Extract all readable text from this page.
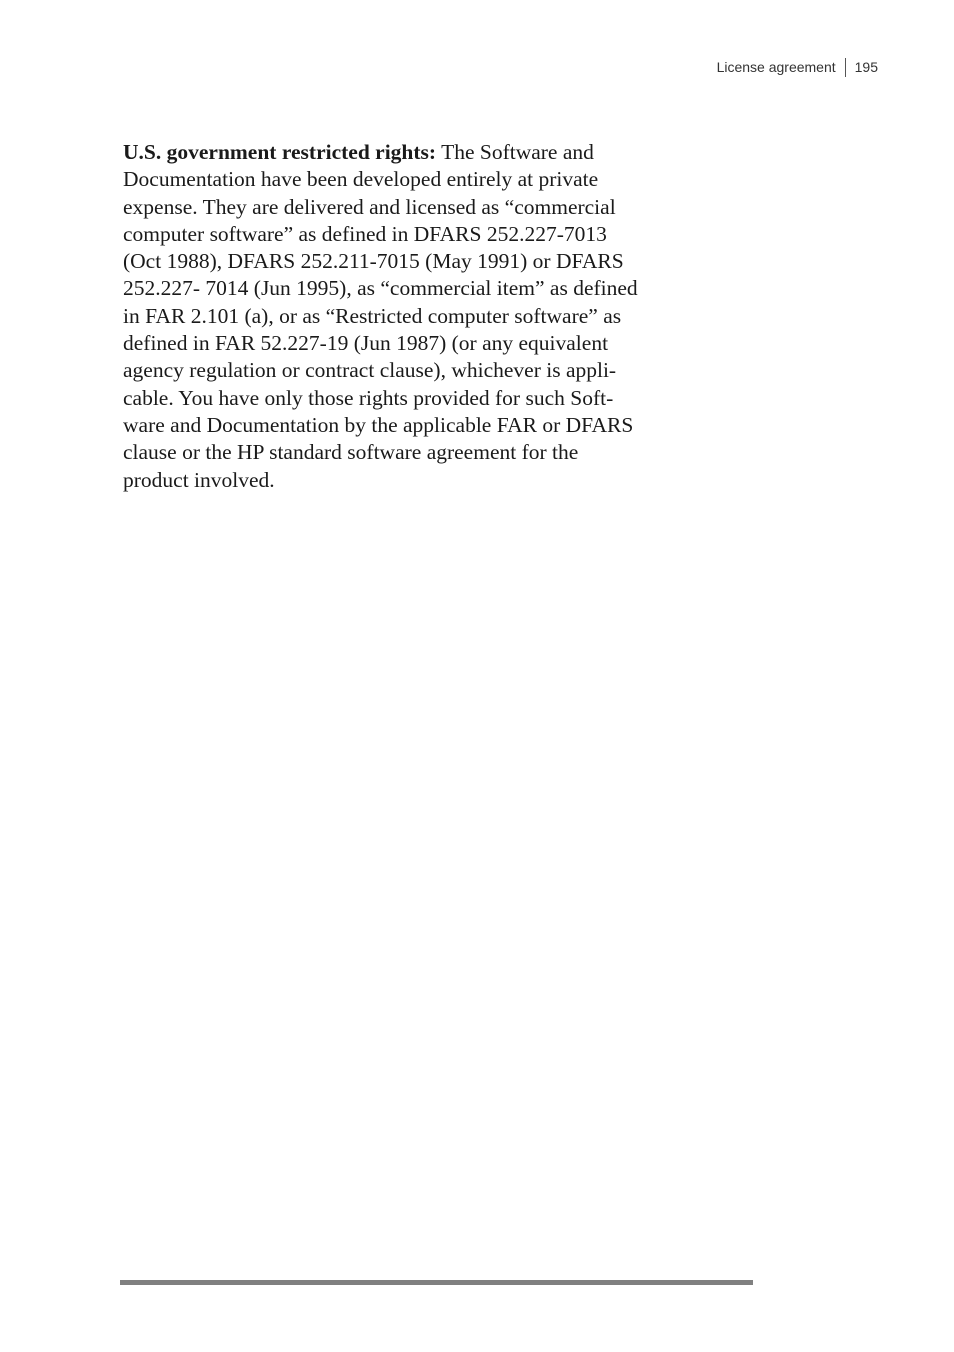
License agreement 195

U.S. government restricted rights: The Software and
Documentation have been developed entirely at private
expense. They are delivered and licensed as “commercial
computer software” as defined in DFARS 252.227-7013
(Oct 1988), DFARS 252.211-7015 (May 1991) or DFARS
252.227- 7014 (Jun 1995), as “commercial item” as defined
in FAR 2.101 (a), or as “Restricted computer software” as
defined in FAR 52.227-19 (Jun 1987) (or any equivalent
agency regulation or contract clause), whichever is appli-
cable. You have only those rights provided for such Soft-
ware and Documentation by the applicable FAR or DFARS
clause or the HP standard software agreement for the
product involved.
